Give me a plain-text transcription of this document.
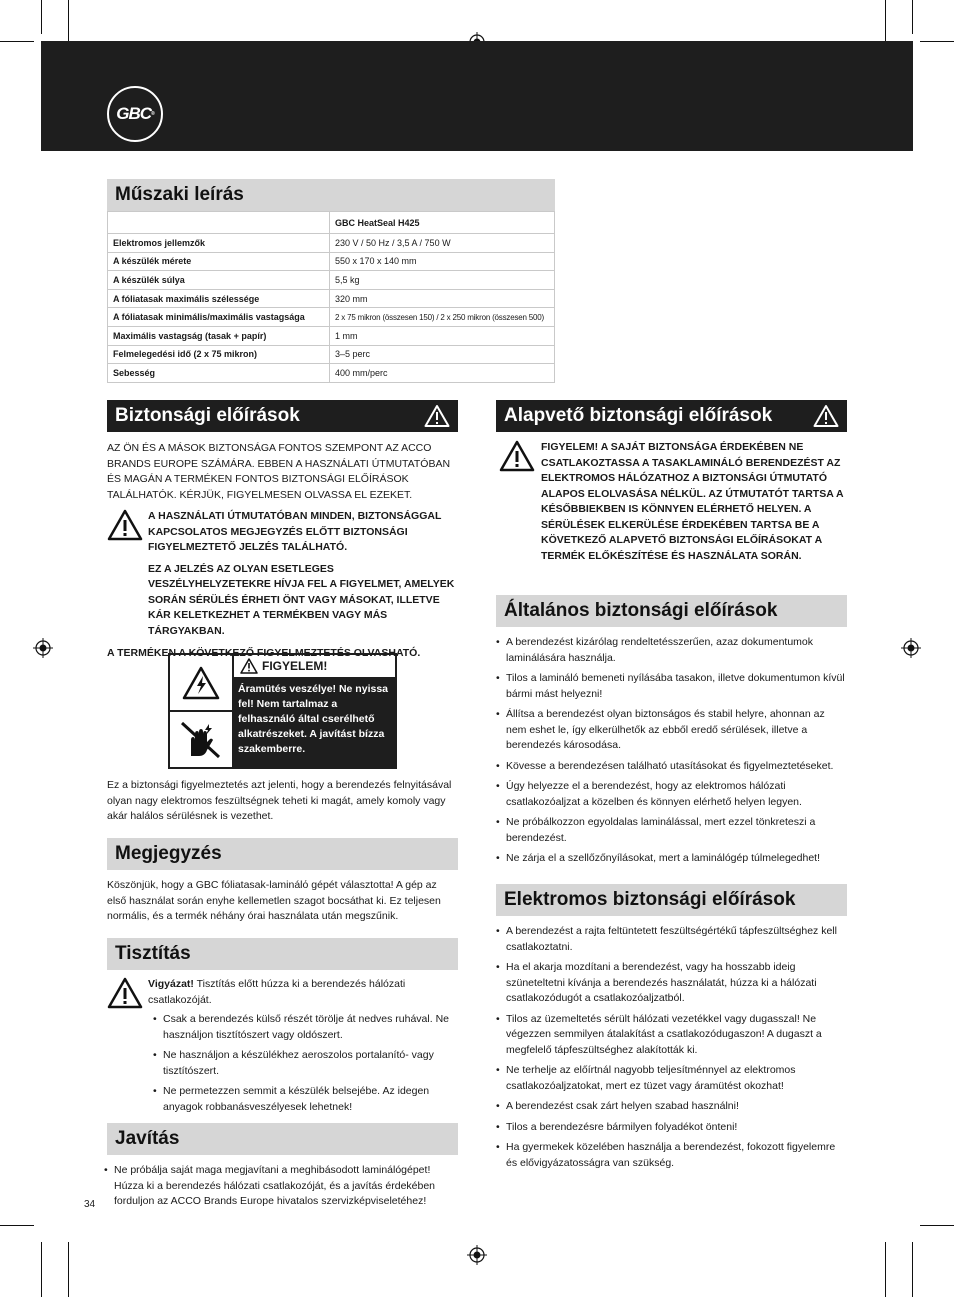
GBC ®
Műszaki leírás
	GBC HeatSeal H425
Elektromos jellemzők	230 V / 50 Hz / 3,5 A / 750 W
A készülék mérete	550 x 170 x 140 mm
A készülék súlya	5,5 kg
A fóliatasak maximális szélessége	320 mm
A fóliatasak minimális/maximális vastagsága	2 x 75 mikron (összesen 150) / 2 x 250 mikron (összesen 500)
Maximális vastagság (tasak + papír)	1 mm
Felmelegedési idő (2 x 75 mikron)	3–5 perc
Sebesség	400 mm/perc
Biztonsági előírások
AZ ÖN ÉS A MÁSOK BIZTONSÁGA FONTOS SZEMPONT AZ ACCO BRANDS EUROPE SZÁMÁRA. EBBEN A HASZNÁLATI ÚTMUTATÓBAN ÉS MAGÁN A TERMÉKEN FONTOS BIZTONSÁGI ELŐÍRÁSOK TALÁLHATÓK. KÉRJÜK, FIGYELMESEN OLVASSA EL EZEKET.
A HASZNÁLATI ÚTMUTATÓBAN MINDEN, BIZTONSÁGGAL KAPCSOLATOS MEGJEGYZÉS ELŐTT BIZTONSÁGI FIGYELMEZTETŐ JELZÉS TALÁLHATÓ.
EZ A JELZÉS AZ OLYAN ESETLEGES VESZÉLYHELYZETEKRE HÍVJA FEL A FIGYELMET, AMELYEK SORÁN SÉRÜLÉS ÉRHETI ÖNT VAGY MÁSOKAT, ILLETVE KÁR KELETKEZHET A TERMÉKBEN VAGY MÁS TÁRGYAKBAN.
A TERMÉKEN A KÖVETKEZŐ FIGYELMEZTETÉS OLVASHATÓ.
FIGYELEM!
Áramütés veszélye! Ne nyissa fel! Nem tartalmaz a felhasználó által cserélhető alkatrészeket. A javítást bízza szakemberre.
Ez a biztonsági figyelmeztetés azt jelenti, hogy a berendezés felnyitásával olyan nagy elektromos feszültségnek teheti ki magát, amely komoly vagy akár halálos sérülésnek is vezethet.
Megjegyzés
Köszönjük, hogy a GBC fóliatasak-laminálό gépét választotta! A gép az első használat során enyhe kellemetlen szagot bocsáthat ki. Ez teljesen normális, és a termék néhány órai használata után megszűnik.
Tisztítás
Vigyázat! Tisztítás előtt húzza ki a berendezés hálózati csatlakozóját.
• Csak a berendezés külső részét törölje át nedves ruhával. Ne használjon tisztítószert vagy oldószert.
• Ne használjon a készülékhez aeroszolos portalanító- vagy tisztítószert.
• Ne permetezzen semmit a készülék belsejébe. Az idegen anyagok robbanásveszélyesek lehetnek!
Javítás
• Ne próbálja saját maga megjavítani a meghibásodott laminálógépet! Húzza ki a berendezés hálózati csatlakozóját, és a javítás érdekében forduljon az ACCO Brands Europe hivatalos szervizképviseletéhez!
Alapvető biztonsági előírások
FIGYELEM! A SAJÁT BIZTONSÁGA ÉRDEKÉBEN NE CSATLAKOZTASSA A TASAKLAMINÁLÓ BERENDEZÉST AZ ELEKTROMOS HÁLÓZATHOZ A BIZTONSÁGI ÚTMUTATÓ ALAPOS ELOLVASÁSA NÉLKÜL. AZ ÚTMUTATÓT TARTSA A KÉSŐBBIEKBEN IS KÖNNYEN ELÉRHETŐ HELYEN. A SÉRÜLÉSEK ELKERÜLÉSE ÉRDEKÉBEN TARTSA BE A KÖVETKEZŐ ALAPVETŐ BIZTONSÁGI ELŐÍRÁSOKAT A TERMÉK ELŐKÉSZÍTÉSE ÉS HASZNÁLATA SORÁN.
Általános biztonsági előírások
• A berendezést kizárólag rendeltetésszerűen, azaz dokumentumok laminálására használja.
• Tilos a lamináló bemeneti nyílásába tasakon, illetve dokumentumon kívül bármi mást helyezni!
• Állítsa a berendezést olyan biztonságos és stabil helyre, ahonnan az nem eshet le, így elkerülhetők az ebből eredő sérülések, illetve a berendezés károsodása.
• Kövesse a berendezésen található utasításokat és figyelmeztetéseket.
• Úgy helyezze el a berendezést, hogy az elektromos hálózati csatlakozóaljzat a közelben és könnyen elérhető helyen legyen.
• Ne próbálkozzon egyoldalas laminálással, mert ezzel tönkreteszi a berendezést.
• Ne zárja el a szellőzőnyílásokat, mert a laminálógép túlmelegedhet!
Elektromos biztonsági előírások
• A berendezést a rajta feltüntetett feszültségértékű tápfeszültséghez kell csatlakoztatni.
• Ha el akarja mozdítani a berendezést, vagy ha hosszabb ideig szüneteltetni kívánja a berendezés használatát, húzza ki a hálózati csatlakozódugót a csatlakozóaljzatból.
• Tilos az üzemeltetés sérült hálózati vezetékkel vagy dugasszal! Ne végezzen semmilyen átalakítást a csatlakozódugaszon! A dugaszt a megfelelő tápfeszültséghez alakították ki.
• Ne terhelje az előírtnál nagyobb teljesítménnyel az elektromos csatlakozóaljzatokat, mert ez tüzet vagy áramütést okozhat!
• A berendezést csak zárt helyen szabad használni!
• Tilos a berendezésre bármilyen folyadékot önteni!
• Ha gyermekek közelében használja a berendezést, fokozott figyelemre és elővigyázatosságra van szükség.
34
